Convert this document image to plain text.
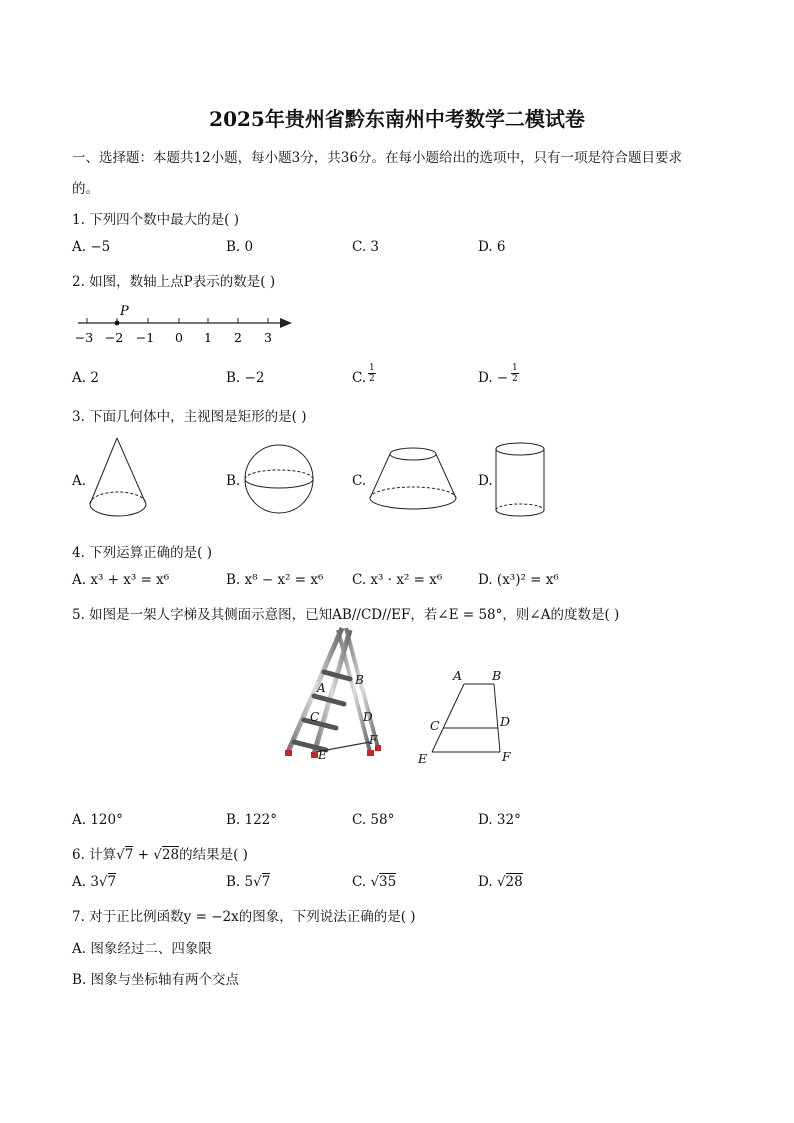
2025年贵州省黔东南州中考数学二模试卷
一、选择题：本题共12小题，每小题3分，共36分。在每小题给出的选项中，只有一项是符合题目要求
的。
1. 下列四个数中最大的是( )
A. −5	B. 0	C. 3	D. 6
2. 如图，数轴上点P表示的数是( )
P
−3 −2 −1 0 1 2 3
A. 2	B. −2	C.
1
2	D. −
1
2
3. 下面几何体中，主视图是矩形的是( )
A.	B.	C.	D.
4. 下列运算正确的是( )
A. x³ + x³ = x⁶	B. x⁸ − x² = x⁶ C. x³ · x² = x⁶	D. (x³)² = x⁶
5. 如图是一架人字梯及其侧面示意图，已知AB//CD//EF，若∠E = 58°，则∠A的度数是( )
A
B
C	D
E
F
A B
C	D
E	F
A. 120°	B. 122°	C. 58°	D. 32°
6. 计算√7 + √28的结果是( )
A. 3√7	B. 5√7	C. √35	D. √28
7. 对于正比例函数y = −2x的图象，下列说法正确的是( )
A. 图象经过二、四象限
B. 图象与坐标轴有两个交点
